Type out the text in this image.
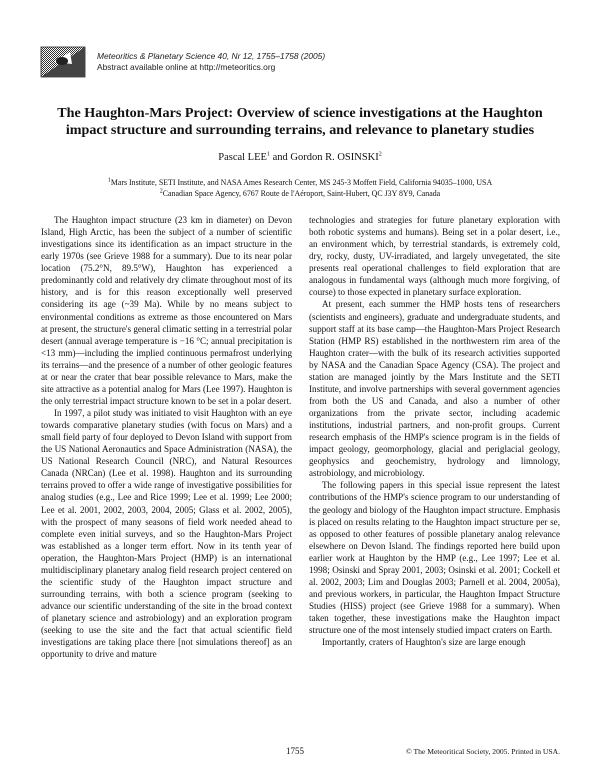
Meteoritics & Planetary Science 40, Nr 12, 1755–1758 (2005)
Abstract available online at http://meteoritics.org
The Haughton-Mars Project: Overview of science investigations at the Haughton
impact structure and surrounding terrains, and relevance to planetary studies
Pascal LEE$^1$ and Gordon R. OSINSKI$^2$
$^1$Mars Institute, SETI Institute, and NASA Ames Research Center, MS 245-3 Moffett Field, California 94035–1000, USA
$^2$Canadian Space Agency, 6767 Route de l'Aéroport, Saint-Hubert, QC J3Y 8Y9, Canada

The Haughton impact structure (23 km in diameter) on Devon Island, High Arctic, has been the subject of a number of scientific investigations since its identification as an impact structure in the early 1970s (see Grieve 1988 for a summary). Due to its near polar location (75.2°N, 89.5°W), Haughton has experienced a predominantly cold and relatively dry climate throughout most of its history, and is for this reason exceptionally well preserved considering its age (~39 Ma). While by no means subject to environmental conditions as extreme as those encountered on Mars at present, the structure's general climatic setting in a terrestrial polar desert (annual average temperature is −16 °C; annual precipitation is <13 mm)—including the implied continuous permafrost underlying its terrains—and the presence of a number of other geologic features at or near the crater that bear possible relevance to Mars, make the site attractive as a potential analog for Mars (Lee 1997). Haughton is the only terrestrial impact structure known to be set in a polar desert.

In 1997, a pilot study was initiated to visit Haughton with an eye towards comparative planetary studies (with focus on Mars) and a small field party of four deployed to Devon Island with support from the US National Aeronautics and Space Administration (NASA), the US National Research Council (NRC), and Natural Resources Canada (NRCan) (Lee et al. 1998). Haughton and its surrounding terrains proved to offer a wide range of investigative possibilities for analog studies (e.g., Lee and Rice 1999; Lee et al. 1999; Lee 2000; Lee et al. 2001, 2002, 2003, 2004, 2005; Glass et al. 2002, 2005), with the prospect of many seasons of field work needed ahead to complete even initial surveys, and so the Haughton-Mars Project was established as a longer term effort. Now in its tenth year of operation, the Haughton-Mars Project (HMP) is an international multidisciplinary planetary analog field research project centered on the scientific study of the Haughton impact structure and surrounding terrains, with both a science program (seeking to advance our scientific understanding of the site in the broad context of planetary science and astrobiology) and an exploration program (seeking to use the site and the fact that actual scientific field investigations are taking place there [not simulations thereof] as an opportunity to drive and mature

technologies and strategies for future planetary exploration with both robotic systems and humans). Being set in a polar desert, i.e., an environment which, by terrestrial standards, is extremely cold, dry, rocky, dusty, UV-irradiated, and largely unvegetated, the site presents real operational challenges to field exploration that are analogous in fundamental ways (although much more forgiving, of course) to those expected in planetary surface exploration.

At present, each summer the HMP hosts tens of researchers (scientists and engineers), graduate and undergraduate students, and support staff at its base camp—the Haughton-Mars Project Research Station (HMP RS) established in the northwestern rim area of the Haughton crater—with the bulk of its research activities supported by NASA and the Canadian Space Agency (CSA). The project and station are managed jointly by the Mars Institute and the SETI Institute, and involve partnerships with several government agencies from both the US and Canada, and also a number of other organizations from the private sector, including academic institutions, industrial partners, and non-profit groups. Current research emphasis of the HMP's science program is in the fields of impact geology, geomorphology, glacial and periglacial geology, geophysics and geochemistry, hydrology and limnology, astrobiology, and microbiology.

The following papers in this special issue represent the latest contributions of the HMP's science program to our understanding of the geology and biology of the Haughton impact structure. Emphasis is placed on results relating to the Haughton impact structure per se, as opposed to other features of possible planetary analog relevance elsewhere on Devon Island. The findings reported here build upon earlier work at Haughton by the HMP (e.g., Lee 1997; Lee et al. 1998; Osinski and Spray 2001, 2003; Osinski et al. 2001; Cockell et al. 2002, 2003; Lim and Douglas 2003; Parnell et al. 2004, 2005a), and previous workers, in particular, the Haughton Impact Structure Studies (HISS) project (see Grieve 1988 for a summary). When taken together, these investigations make the Haughton impact structure one of the most intensely studied impact craters on Earth.

Importantly, craters of Haughton's size are large enough

1755	© The Meteoritical Society, 2005. Printed in USA.
